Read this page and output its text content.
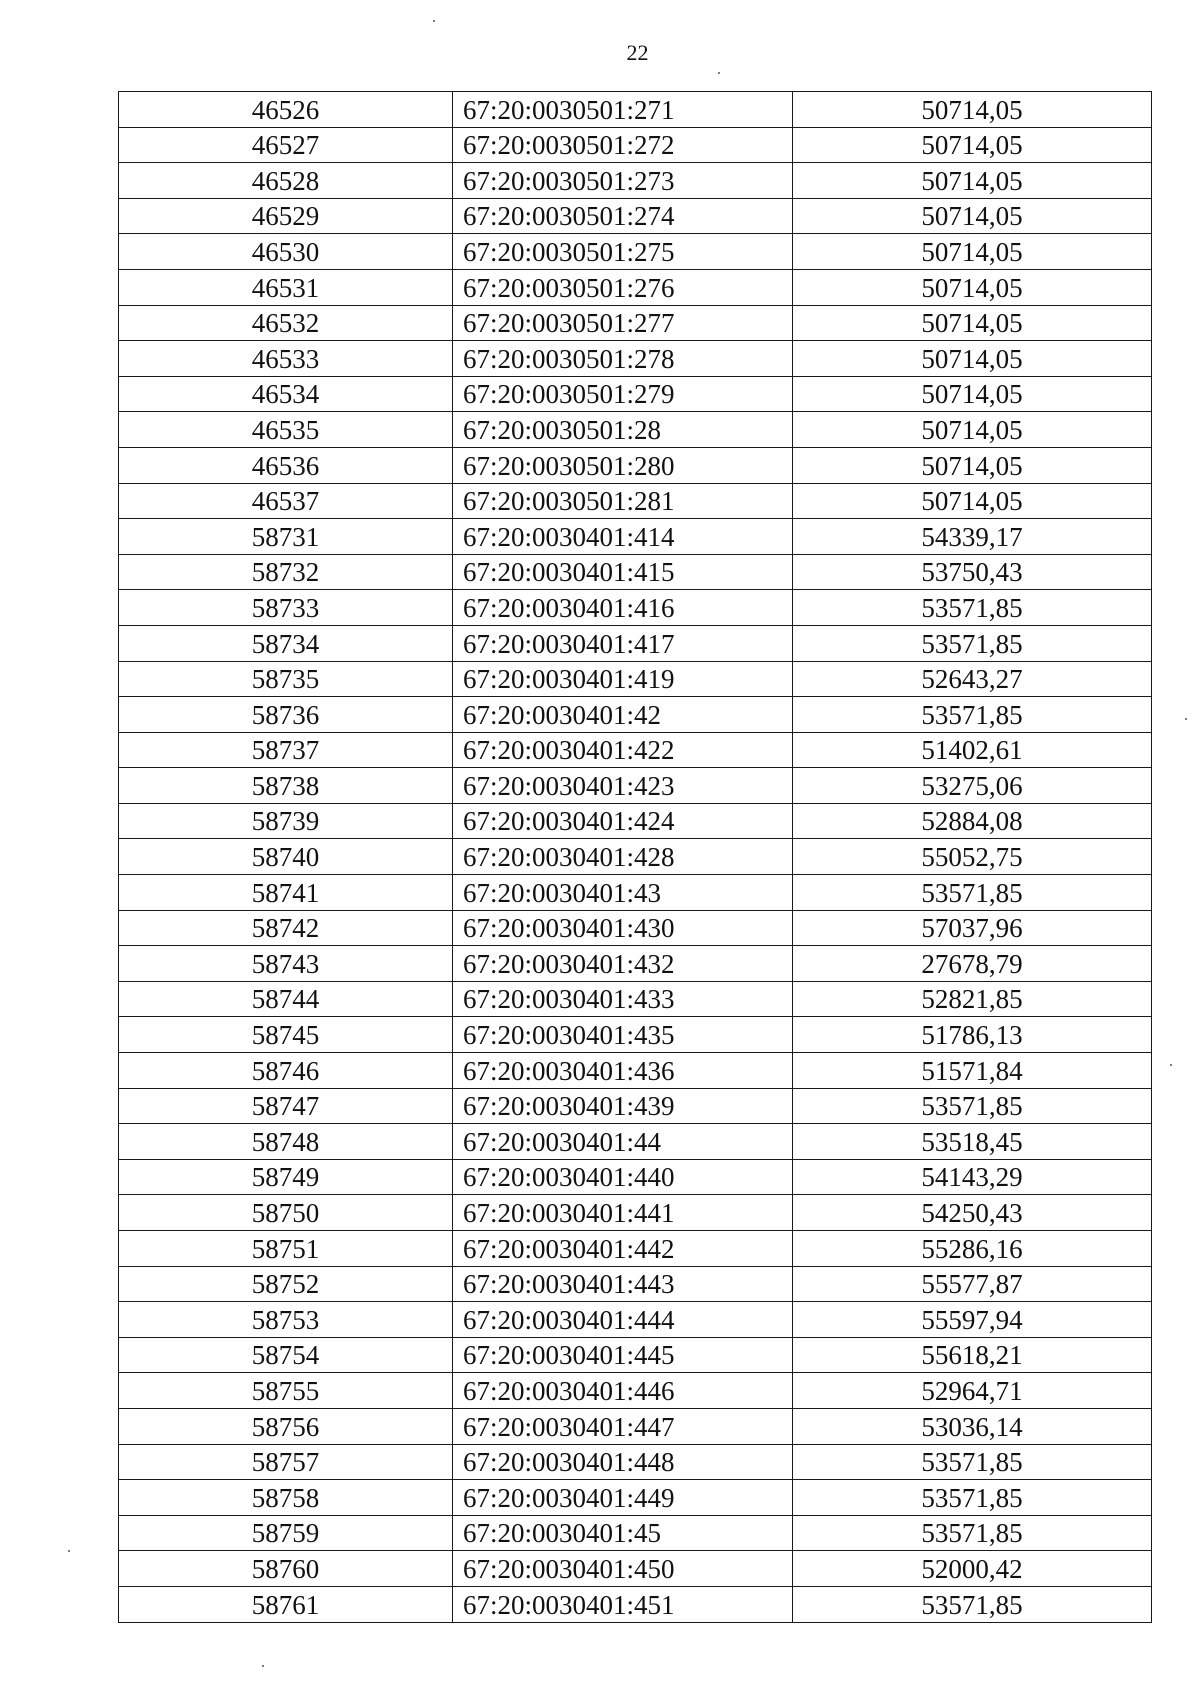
22
46526	67:20:0030501:271	50714,05

46527	67:20:0030501:272	50714,05

46528	67:20:0030501:273	50714,05

46529	67:20:0030501:274	50714,05

46530	67:20:0030501:275	50714,05

46531	67:20:0030501:276	50714,05

46532	67:20:0030501:277	50714,05

46533	67:20:0030501:278	50714,05

46534	67:20:0030501:279	50714,05

46535	67:20:0030501:28	50714,05

46536	67:20:0030501:280	50714,05

46537	67:20:0030501:281	50714,05

58731	67:20:0030401:414	54339,17

58732	67:20:0030401:415	53750,43

58733	67:20:0030401:416	53571,85

58734	67:20:0030401:417	53571,85

58735	67:20:0030401:419	52643,27

58736	67:20:0030401:42	53571,85

58737	67:20:0030401:422	51402,61

58738	67:20:0030401:423	53275,06

58739	67:20:0030401:424	52884,08

58740	67:20:0030401:428	55052,75

58741	67:20:0030401:43	53571,85

58742	67:20:0030401:430	57037,96

58743	67:20:0030401:432	27678,79

58744	67:20:0030401:433	52821,85

58745	67:20:0030401:435	51786,13

58746	67:20:0030401:436	51571,84

58747	67:20:0030401:439	53571,85

58748	67:20:0030401:44	53518,45

58749	67:20:0030401:440	54143,29

58750	67:20:0030401:441	54250,43

58751	67:20:0030401:442	55286,16

58752	67:20:0030401:443	55577,87

58753	67:20:0030401:444	55597,94

58754	67:20:0030401:445	55618,21

58755	67:20:0030401:446	52964,71

58756	67:20:0030401:447	53036,14

58757	67:20:0030401:448	53571,85

58758	67:20:0030401:449	53571,85

58759	67:20:0030401:45	53571,85

58760	67:20:0030401:450	52000,42

58761	67:20:0030401:451	53571,85
